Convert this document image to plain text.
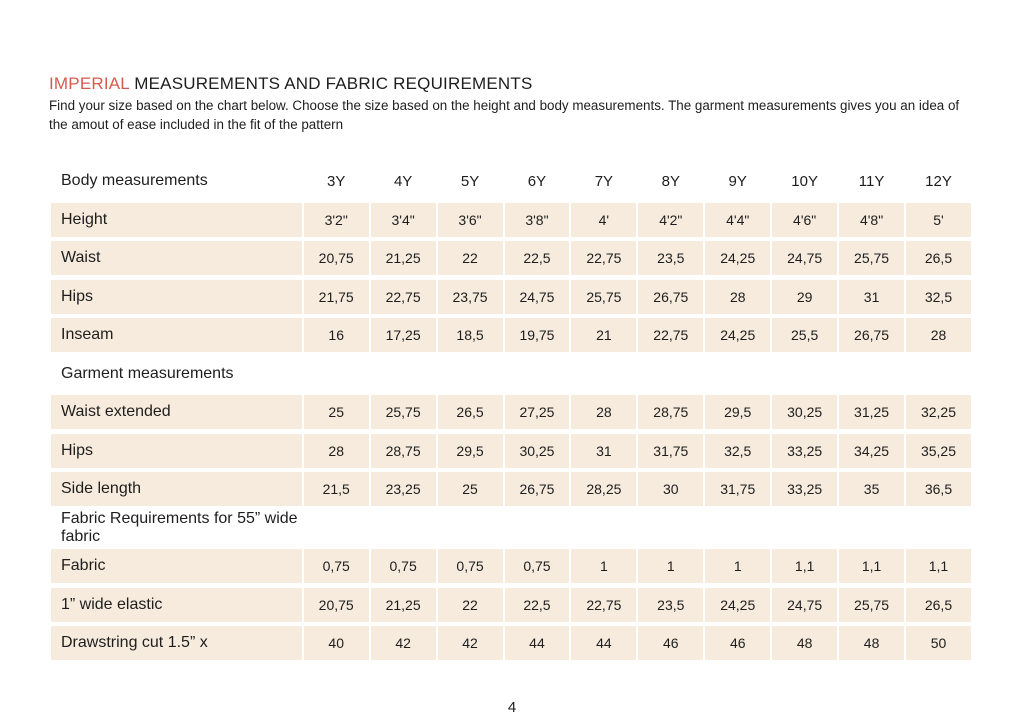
IMPERIAL MEASUREMENTS AND FABRIC REQUIREMENTS
Find your size based on the chart below. Choose the size based on the height and body measurements. The garment measurements gives you an idea of the amout of ease included in the fit of the pattern
Body measurements	3Y	4Y	5Y	6Y	7Y	8Y	9Y	10Y	11Y	12Y
Height	3'2"	3'4"	3'6"	3'8"	4'	4'2"	4'4"	4'6"	4'8"	5'
Waist	20,75	21,25	22	22,5	22,75	23,5	24,25	24,75	25,75	26,5
Hips	21,75	22,75	23,75	24,75	25,75	26,75	28	29	31	32,5
Inseam	16	17,25	18,5	19,75	21	22,75	24,25	25,5	26,75	28
Garment measurements
Waist extended	25	25,75	26,5	27,25	28	28,75	29,5	30,25	31,25	32,25
Hips	28	28,75	29,5	30,25	31	31,75	32,5	33,25	34,25	35,25
Side length	21,5	23,25	25	26,75	28,25	30	31,75	33,25	35	36,5
Fabric Requirements for 55” wide fabric
Fabric	0,75	0,75	0,75	0,75	1	1	1	1,1	1,1	1,1
1” wide elastic	20,75	21,25	22	22,5	22,75	23,5	24,25	24,75	25,75	26,5
Drawstring cut 1.5” x	40	42	42	44	44	46	46	48	48	50
4
